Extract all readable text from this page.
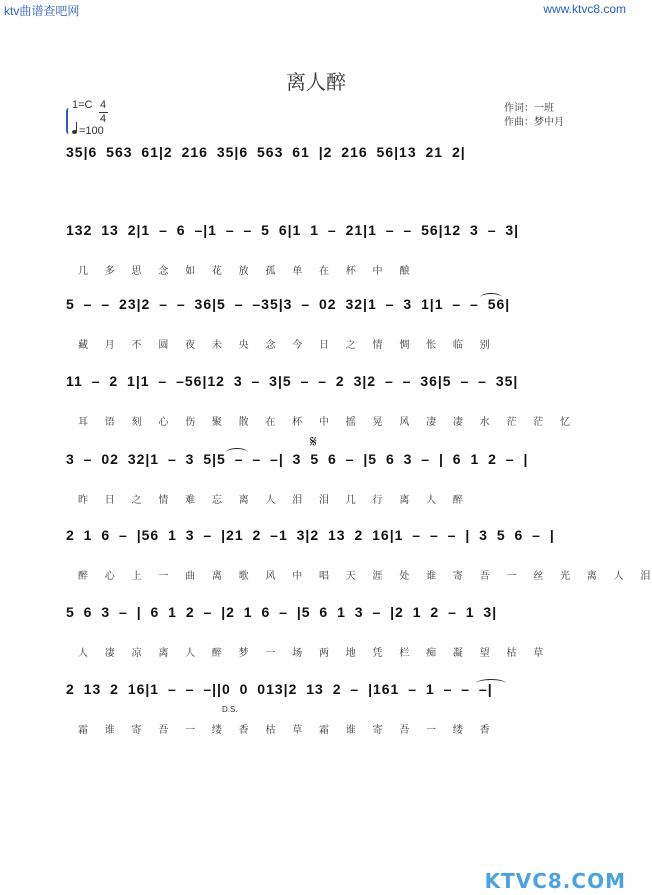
ktv曲谱查吧网	www.ktvc8.com
离人醉
1=C 4
4
=100
作词：一班
作曲：梦中月
35|6 563 61|2 216 35|6 563 61 |2 216 56|13 21 2|
132 13 2|1 – 6 –|1 – – 5 6|1 1 – 21|1 – – 56|12 3 – 3|
几 多 思 念 如 花 放 孤 单 在 杯 中 酿
5 – – 23|2 – – 36|5 – –35|3 – 02 32|1 – 3 1|1 – – 56|
藏 月 不 圆 夜 未 央 念 今 日 之 情 惆 怅 临 别
11 – 2 1|1 – –56|12 3 – 3|5 – – 2 3|2 – – 36|5 – – 35|
耳 语 刻 心 伤 聚 散 在 杯 中 摇 晃 风 凄 凄 水 茫 茫 忆
3 – 02 32|1 – 3 5|5 – – –| 3 5 6 – |5 6 3 – | 6 1 2 – |
昨 日 之 情 难 忘 离 人 泪 泪 几 行 离 人 醉
2 1 6 – |56 1 3 – |21 2 –1 3|2 13 2 16|1 – – – | 3 5 6 – |
醉 心 上 一 曲 离 歌 风 中 唱 天 涯 处 谁 寄 吾 一 丝 光 离 人 泪
5 6 3 – | 6 1 2 – |2 1 6 – |5 6 1 3 – |2 1 2 – 1 3|
人 凄 凉 离 人 醉 梦 一 场 两 地 凭 栏 痴 凝 望 枯 草
2 13 2 16|1 – – –||0 0 013|2 13 2 – |161 – 1 – – –|
霜 谁 寄 吾 一 缕 香 枯 草 霜 谁 寄 吾 一 缕 香
𝄋
D.S.
KTVC8.COM
